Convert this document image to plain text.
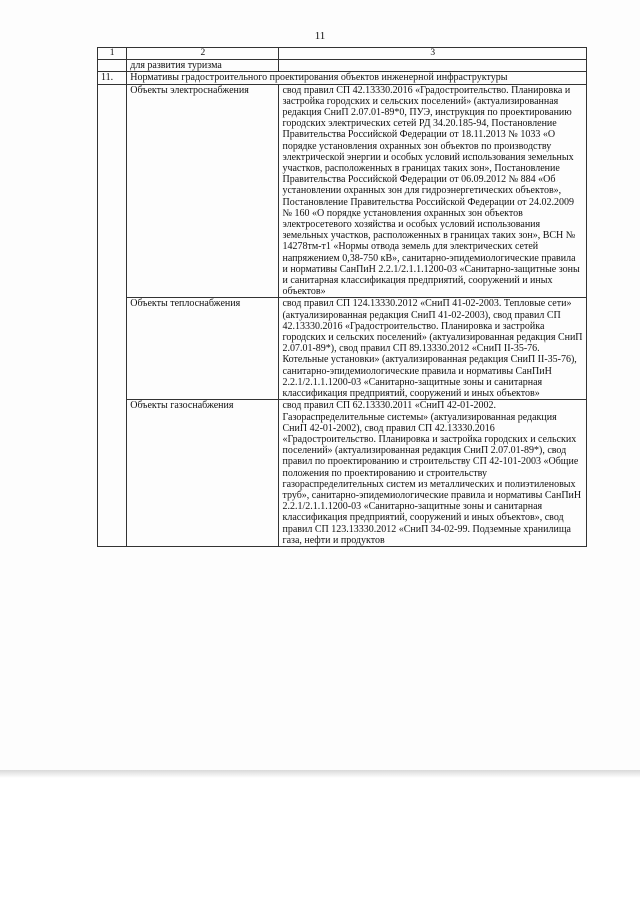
11
1	2	3
	для развития туризма	
11.	Нормативы градостроительного проектирования объектов инженерной инфраструктуры	
	Объекты электроснабжения	свод правил СП 42.13330.2016 «Градостроительство. Планировка и застройка городских и сельских поселений» (актуализированная редакция СниП 2.07.01-89*0, ПУЭ, инструкция по проектированию городских электрических сетей РД 34.20.185-94, Постановление Правительства Российской Федерации от 18.11.2013 № 1033 «О порядке установления охранных зон объектов по производству электрической энергии и особых условий использования земельных участков, расположенных в границах таких зон», Постановление Правительства Российской Федерации от 06.09.2012 № 884 «Об установлении охранных зон для гидроэнергетических объектов», Постановление Правительства Российской Федерации от 24.02.2009 № 160 «О порядке установления охранных зон объектов электросетевого хозяйства и особых условий использования земельных участков, расположенных в границах таких зон», ВСН № 14278тм-т1 «Нормы отвода земель для электрических сетей напряжением 0,38-750 кВ», санитарно-эпидемиологические правила и нормативы СанПиН 2.2.1/2.1.1.1200-03 «Санитарно-защитные зоны и санитарная классификация предприятий, сооружений и иных объектов»
	Объекты теплоснабжения	свод правил СП 124.13330.2012 «СниП 41-02-2003. Тепловые сети» (актуализированная редакция СниП 41-02-2003), свод правил СП 42.13330.2016 «Градостроительство. Планировка и застройка городских и сельских поселений» (актуализированная редакция СниП 2.07.01-89*), свод правил СП 89.13330.2012 «СниП II-35-76. Котельные установки» (актуализированная редакция СниП II-35-76), санитарно-эпидемиологические правила и нормативы СанПиН 2.2.1/2.1.1.1200-03 «Санитарно-защитные зоны и санитарная классификация предприятий, сооружений и иных объектов»
	Объекты газоснабжения	свод правил СП 62.13330.2011 «СниП 42-01-2002. Газораспределительные системы» (актуализированная редакция СниП 42-01-2002), свод правил СП 42.13330.2016 «Градостроительство. Планировка и застройка городских и сельских поселений» (актуализированная редакция СниП 2.07.01-89*), свод правил по проектированию и строительству СП 42-101-2003 «Общие положения по проектированию и строительству газораспределительных систем из металлических и полиэтиленовых труб», санитарно-эпидемиологические правила и нормативы СанПиН 2.2.1/2.1.1.1200-03 «Санитарно-защитные зоны и санитарная классификация предприятий, сооружений и иных объектов», свод правил СП 123.13330.2012 «СниП 34-02-99. Подземные хранилища газа, нефти и продуктов
